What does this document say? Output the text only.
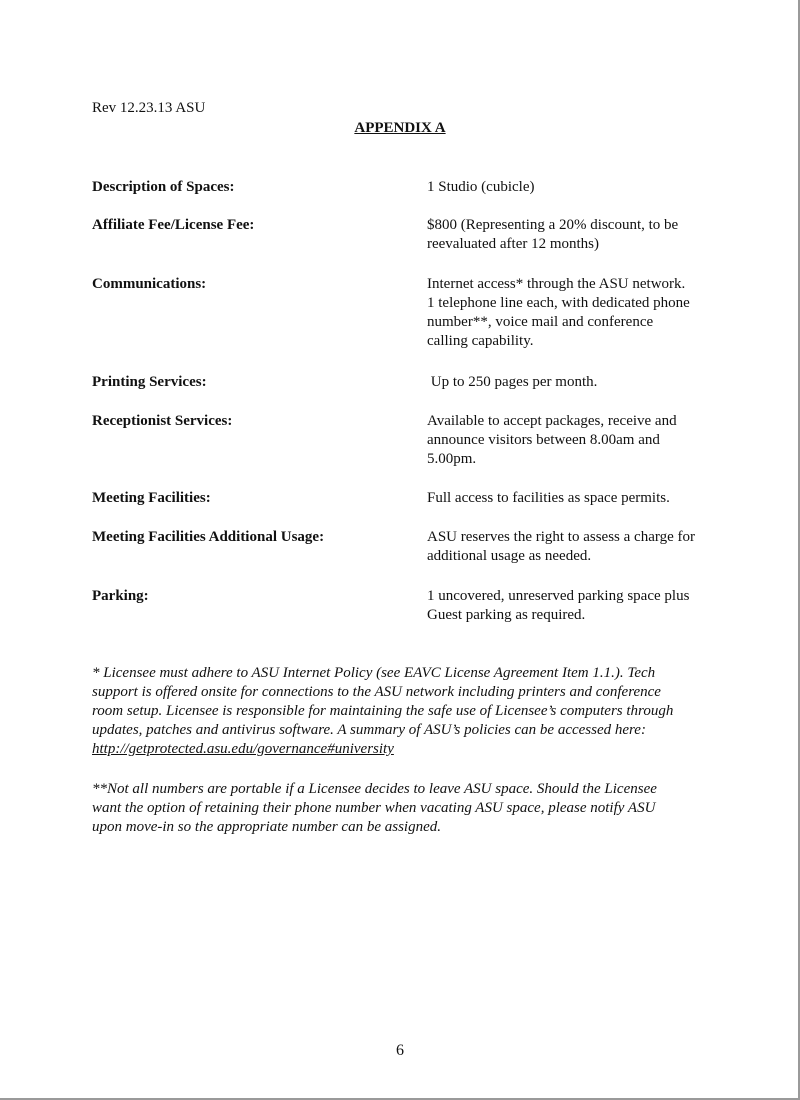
Rev 12.23.13 ASU
APPENDIX A
Description of Spaces:	1 Studio (cubicle)
Affiliate Fee/License Fee:	$800 (Representing a 20% discount, to be
reevaluated after 12 months)
Communications:	Internet access* through the ASU network.
1 telephone line each, with dedicated phone
number**, voice mail and conference
calling capability.
Printing Services:	Up to 250 pages per month.
Receptionist Services:	Available to accept packages, receive and
announce visitors between 8.00am and
5.00pm.
Meeting Facilities:	Full access to facilities as space permits.
Meeting Facilities Additional Usage:	ASU reserves the right to assess a charge for
additional usage as needed.
Parking:	1 uncovered, unreserved parking space plus
Guest parking as required.
* Licensee must adhere to ASU Internet Policy (see EAVC License Agreement Item 1.1.). Tech
support is offered onsite for connections to the ASU network including printers and conference
room setup. Licensee is responsible for maintaining the safe use of Licensee’s computers through
updates, patches and antivirus software. A summary of ASU’s policies can be accessed here:
http://getprotected.asu.edu/governance#university
**Not all numbers are portable if a Licensee decides to leave ASU space. Should the Licensee
want the option of retaining their phone number when vacating ASU space, please notify ASU
upon move-in so the appropriate number can be assigned.
6
